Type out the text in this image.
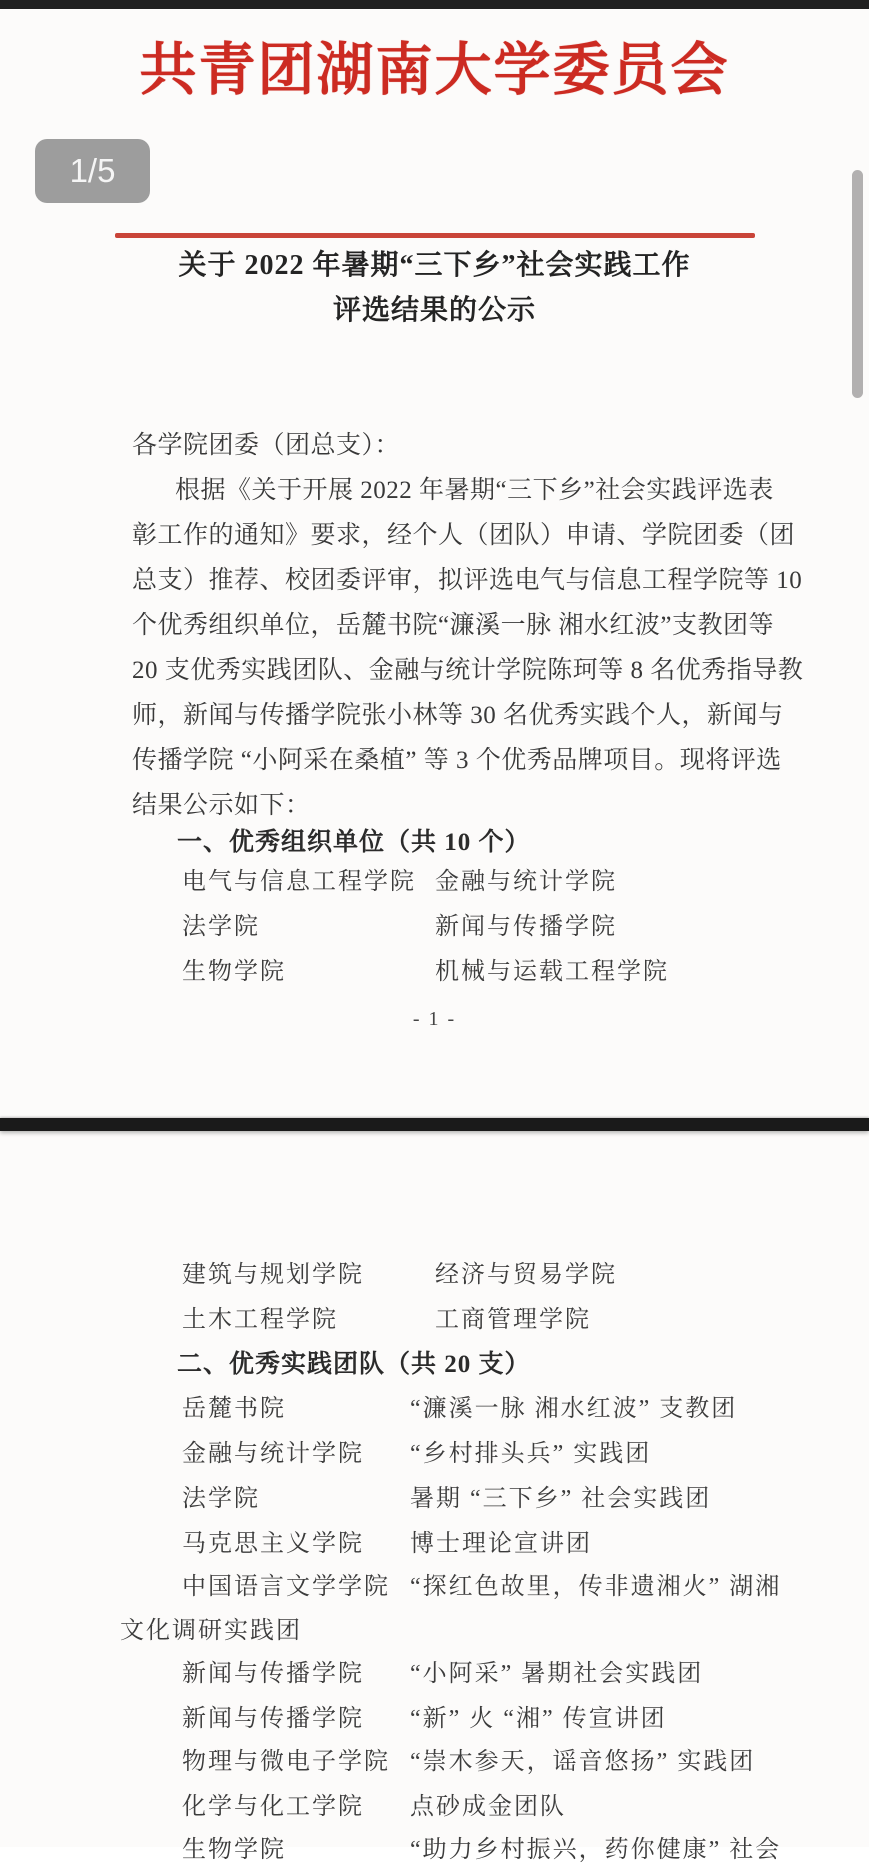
共青团湖南大学委员会
关于 2022 年暑期“三下乡”社会实践工作
评选结果的公示

各学院团委（团总支）：

根据《关于开展 2022 年暑期“三下乡”社会实践评选表

彰工作的通知》要求，经个人（团队）申请、学院团委（团

总支）推荐、校团委评审，拟评选电气与信息工程学院等 10

个优秀组织单位，岳麓书院“濂溪一脉 湘水红波”支教团等

20 支优秀实践团队、金融与统计学院陈珂等 8 名优秀指导教

师，新闻与传播学院张小林等 30 名优秀实践个人，新闻与

传播学院 “小阿采在桑植” 等 3 个优秀品牌项目。现将评选

结果公示如下：

一、优秀组织单位（共 10 个）
电气与信息工程学院 金融与统计学院
法学院	新闻与传播学院
生物学院	机械与运载工程学院
- 1 -
建筑与规划学院	经济与贸易学院
土木工程学院	工商管理学院
二、优秀实践团队（共 20 支）
岳麓书院	“濂溪一脉 湘水红波” 支教团
金融与统计学院 “乡村排头兵” 实践团
法学院	暑期 “三下乡” 社会实践团
马克思主义学院 博士理论宣讲团
中国语言文学学院 “探红色故里，传非遗湘火” 湖湘
文化调研实践团
新闻与传播学院 “小阿采” 暑期社会实践团
新闻与传播学院 “新” 火 “湘” 传宣讲团
物理与微电子学院 “崇木参天，谣音悠扬” 实践团
化学与化工学院 点砂成金团队
生物学院	“助力乡村振兴，药你健康” 社会
1/5
